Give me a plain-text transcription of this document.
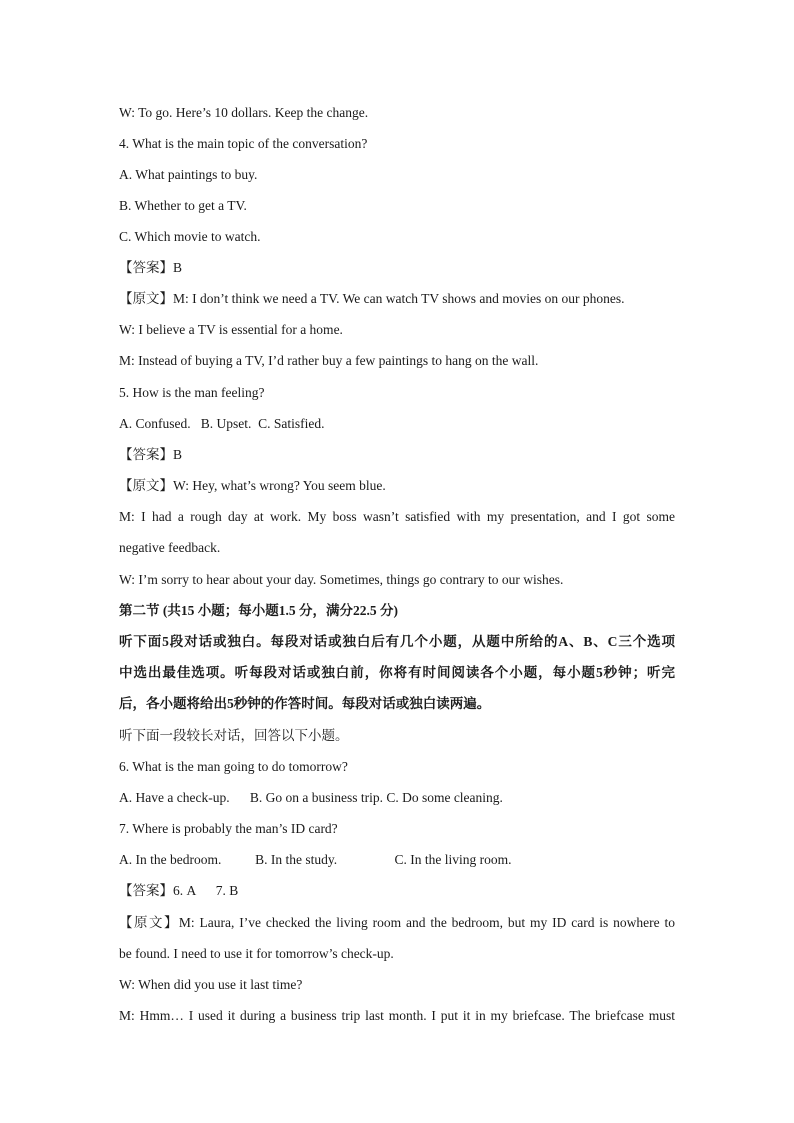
W: To go. Here’s 10 dollars. Keep the change.
4. What is the main topic of the conversation?
A. What paintings to buy.
B. Whether to get a TV.
C. Which movie to watch.
【答案】B
【原文】M: I don’t think we need a TV. We can watch TV shows and movies on our phones.
W: I believe a TV is essential for a home.
M: Instead of buying a TV, I’d rather buy a few paintings to hang on the wall.
5. How is the man feeling?
A. Confused.   B. Upset.  C. Satisfied.
【答案】B
【原文】W: Hey, what’s wrong? You seem blue.
M: I had a rough day at work. My boss wasn’t satisfied with my presentation, and I got some
negative feedback.
W: I’m sorry to hear about your day. Sometimes, things go contrary to our wishes.
第二节 (共15 小题；每小题1.5 分，满分22.5 分)
听下面5段对话或独白。每段对话或独白后有几个小题，从题中所给的A、B、C三个选项
中选出最佳选项。听每段对话或独白前，你将有时间阅读各个小题，每小题5秒钟；听完
后，各小题将给出5秒钟的作答时间。每段对话或独白读两遍。
听下面一段较长对话，回答以下小题。
6. What is the man going to do tomorrow?
A. Have a check-up.      B. Go on a business trip. C. Do some cleaning.
7. Where is probably the man’s ID card?
A. In the bedroom.          B. In the study.                 C. In the living room.
【答案】6. A      7. B
【原文】M: Laura, I’ve checked the living room and the bedroom, but my ID card is nowhere to
be found. I need to use it for tomorrow’s check-up.
W: When did you use it last time?
M: Hmm… I used it during a business trip last month. I put it in my briefcase. The briefcase must
